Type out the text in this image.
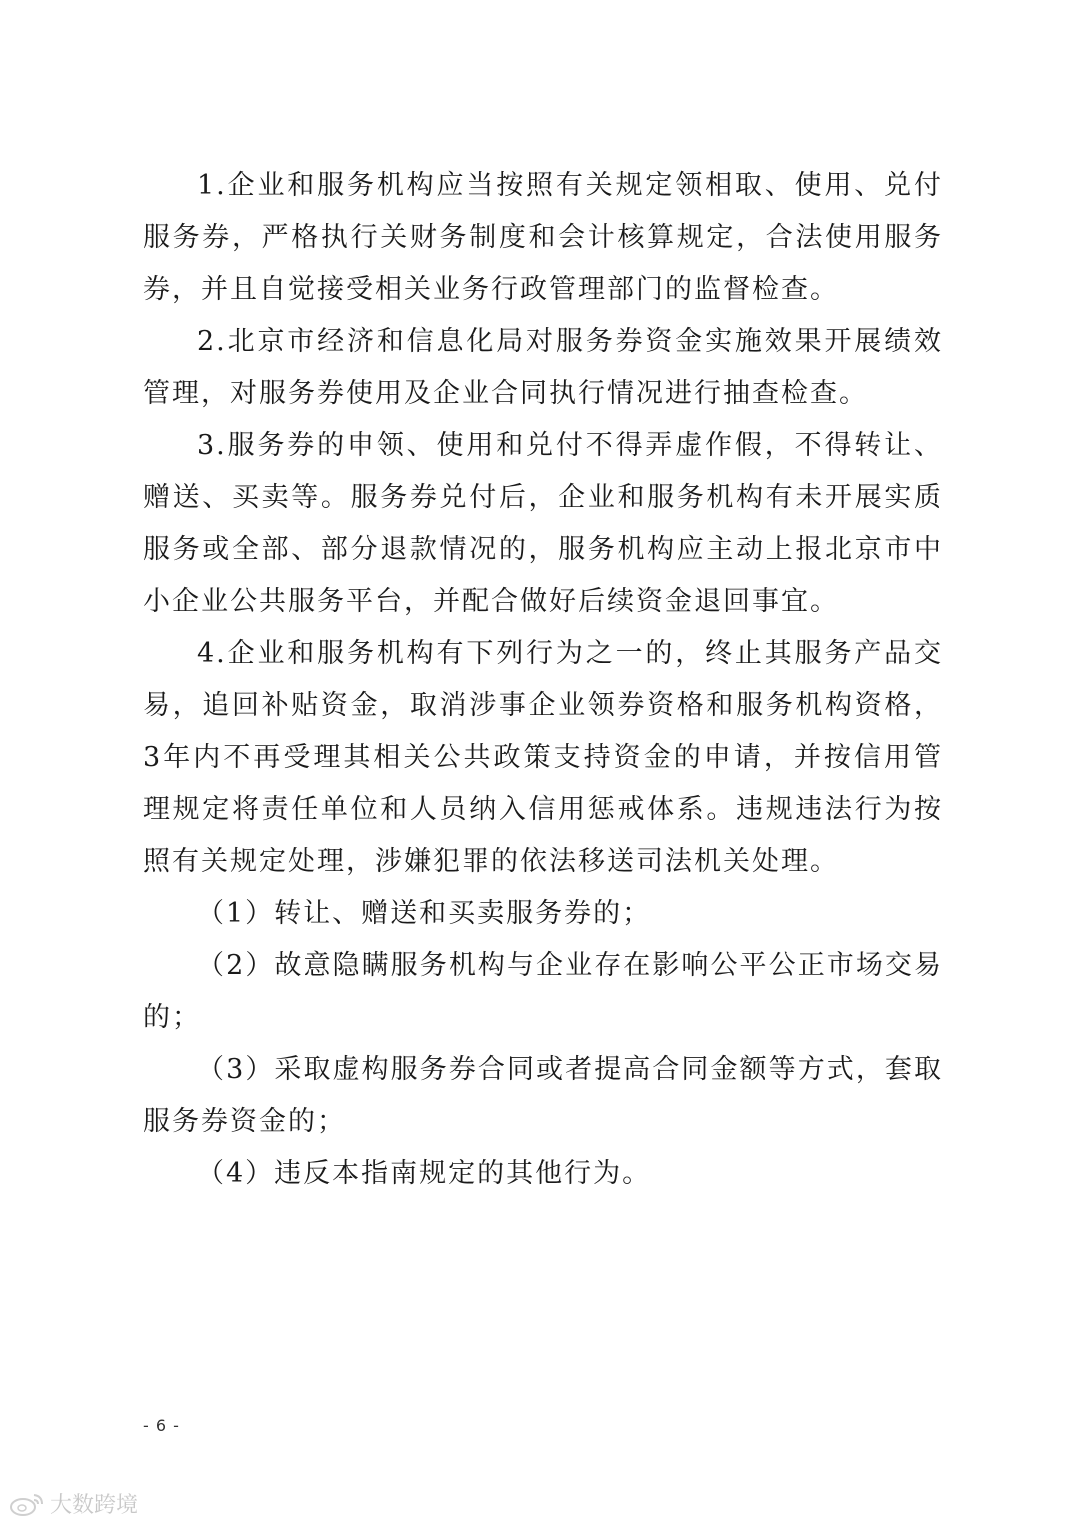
1.企业和服务机构应当按照有关规定领相取、使用、兑付服务券，严格执行关财务制度和会计核算规定，合法使用服务券，并且自觉接受相关业务行政管理部门的监督检查。

2.北京市经济和信息化局对服务券资金实施效果开展绩效管理，对服务券使用及企业合同执行情况进行抽查检查。

3.服务券的申领、使用和兑付不得弄虚作假，不得转让、赠送、买卖等。服务券兑付后，企业和服务机构有未开展实质服务或全部、部分退款情况的，服务机构应主动上报北京市中小企业公共服务平台，并配合做好后续资金退回事宜。

4.企业和服务机构有下列行为之一的，终止其服务产品交易，追回补贴资金，取消涉事企业领券资格和服务机构资格，3年内不再受理其相关公共政策支持资金的申请，并按信用管理规定将责任单位和人员纳入信用惩戒体系。违规违法行为按照有关规定处理，涉嫌犯罪的依法移送司法机关处理。

（1）转让、赠送和买卖服务券的；

（2）故意隐瞒服务机构与企业存在影响公平公正市场交易的；

（3）采取虚构服务券合同或者提高合同金额等方式，套取服务券资金的；

（4）违反本指南规定的其他行为。

- 6 -
大数跨境
